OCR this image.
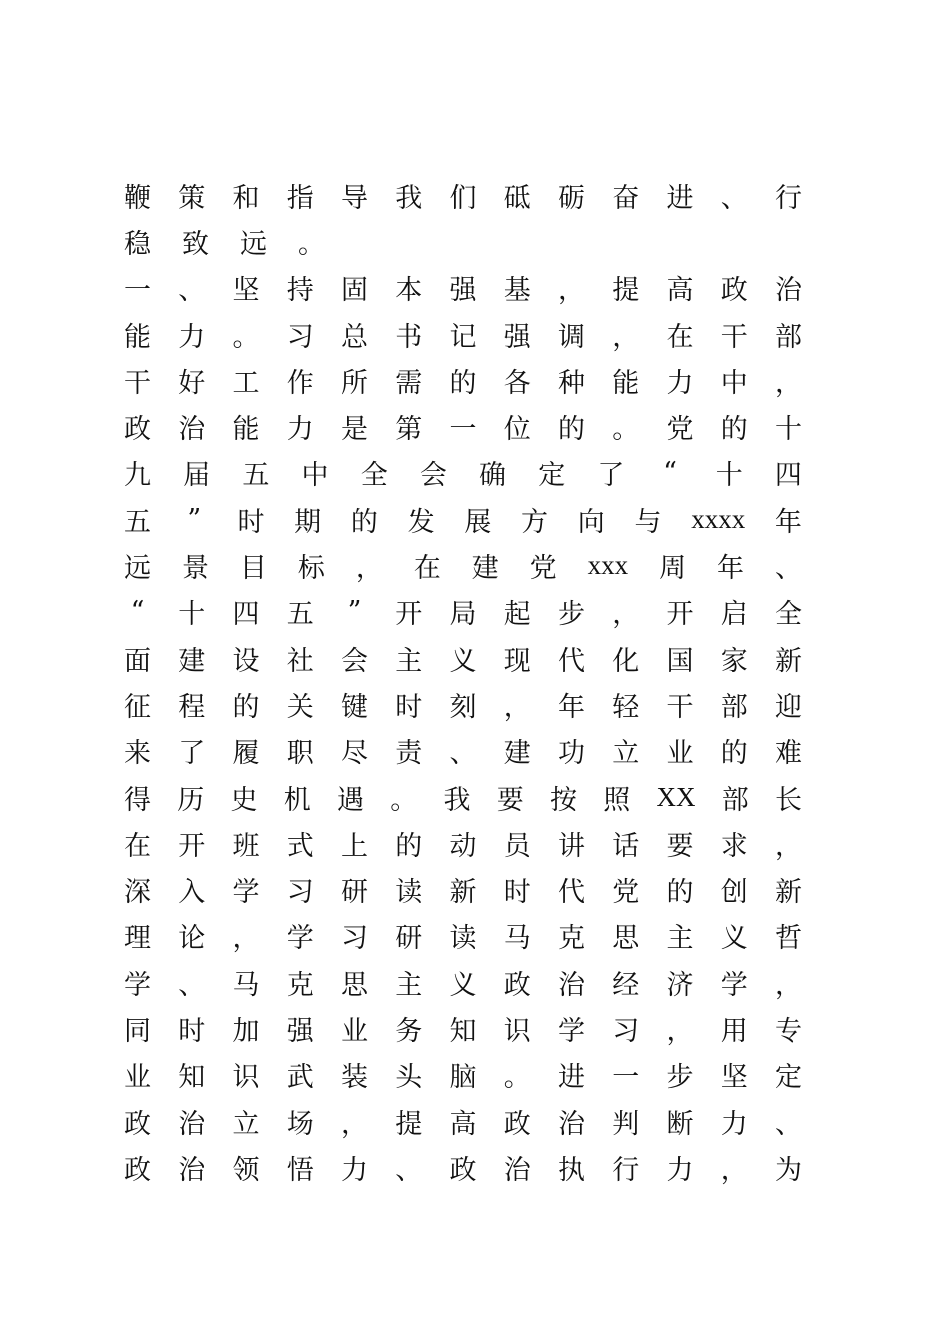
鞭 策 和 指 导 我 们 砥 砺 奋 进 、 行
稳 致 远 。
一 、 坚 持 固 本 强 基 ， 提 高 政 治
能 力 。 习 总 书 记 强 调 ， 在 干 部
干 好 工 作 所 需 的 各 种 能 力 中 ，
政 治 能 力 是 第 一 位 的 。 党 的 十
九 届 五 中 全 会 确 定 了 “ 十 四
五 ” 时 期 的 发 展 方 向 与 xxxx 年
远 景 目 标 ， 在 建 党 xxx 周 年 、
“ 十 四 五 ” 开 局 起 步 ， 开 启 全
面 建 设 社 会 主 义 现 代 化 国 家 新
征 程 的 关 键 时 刻 ， 年 轻 干 部 迎
来 了 履 职 尽 责 、 建 功 立 业 的 难
得 历 史 机 遇 。 我 要 按 照 XX 部 长
在 开 班 式 上 的 动 员 讲 话 要 求 ，
深 入 学 习 研 读 新 时 代 党 的 创 新
理 论 ， 学 习 研 读 马 克 思 主 义 哲
学 、 马 克 思 主 义 政 治 经 济 学 ，
同 时 加 强 业 务 知 识 学 习 ， 用 专
业 知 识 武 装 头 脑 。 进 一 步 坚 定
政 治 立 场 ， 提 高 政 治 判 断 力 、
政 治 领 悟 力 、 政 治 执 行 力 ， 为
